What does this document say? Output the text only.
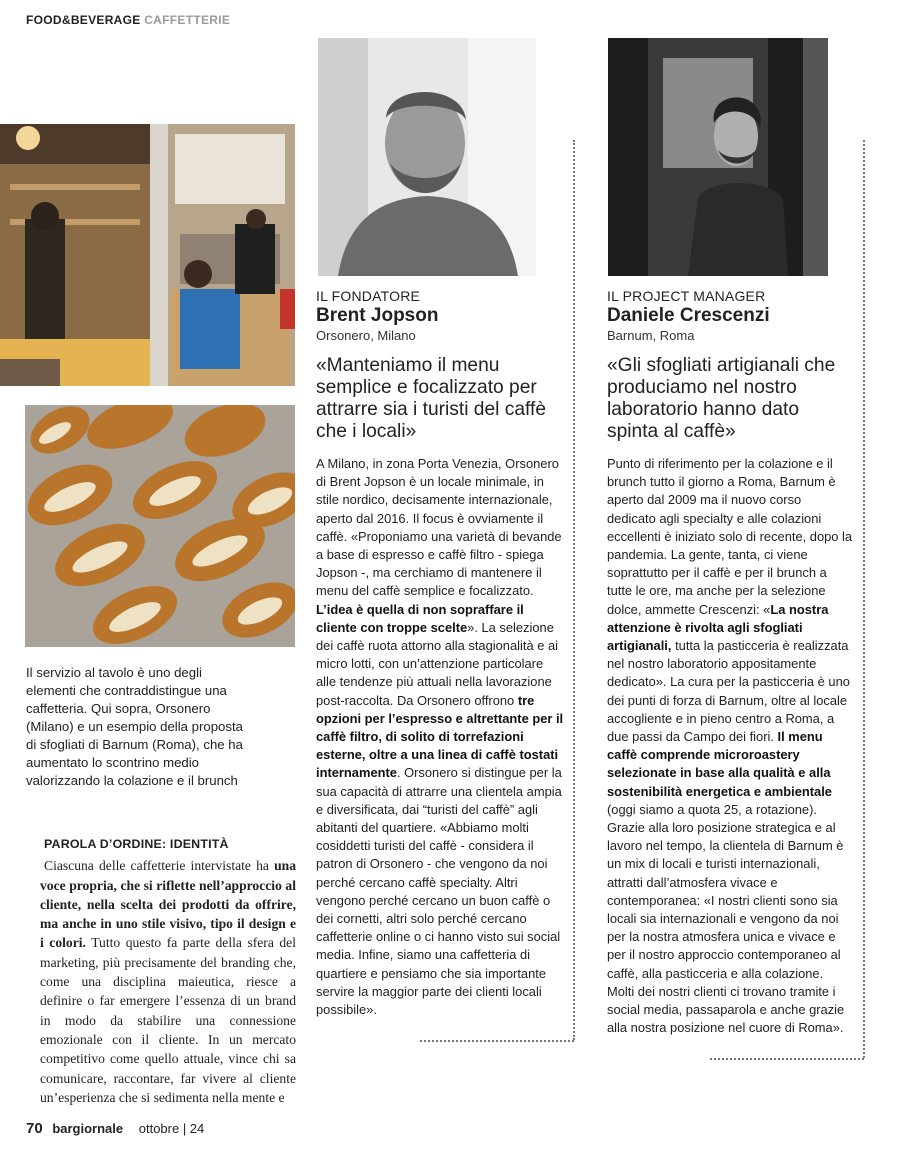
FOOD&BEVERAGE CAFFETTERIE
Il servizio al tavolo è uno degli elementi che contraddistingue una caffetteria. Qui sopra, Orsonero (Milano) e un esempio della proposta di sfogliati di Barnum (Roma), che ha aumentato lo scontrino medio valorizzando la colazione e il brunch
PAROLA D’ORDINE: IDENTITÀ

Ciascuna delle caffetterie intervistate ha una voce propria, che si riflette nell’approccio al cliente, nella scelta dei prodotti da offrire, ma anche in uno stile visivo, tipo il design e i colori. Tutto questo fa parte della sfera del marketing, più precisamente del branding che, come una disciplina maieutica, riesce a definire o far emergere l’essenza di un brand in modo da stabilire una connessione emozionale con il cliente. In un mercato competitivo come quello attuale, vince chi sa comunicare, raccontare, far vivere al cliente un’esperienza che si sedimenta nella mente e

IL FONDATORE
Brent Jopson
Orsonero, Milano
«Manteniamo il menu semplice e focalizzato per attrarre sia i turisti del caffè che i locali»
A Milano, in zona Porta Venezia, Orsonero di Brent Jopson è un locale minimale, in stile nordico, decisamente internazionale, aperto dal 2016. Il focus è ovviamente il caffè. «Proponiamo una varietà di bevande a base di espresso e caffè filtro - spiega Jopson -, ma cerchiamo di mantenere il menu del caffè semplice e focalizzato. L’idea è quella di non sopraffare il cliente con troppe scelte». La selezione dei caffè ruota attorno alla stagionalità e ai micro lotti, con un’attenzione particolare alle tendenze più attuali nella lavorazione post-raccolta. Da Orsonero offrono tre opzioni per l’espresso e altrettante per il caffè filtro, di solito di torrefazioni esterne, oltre a una linea di caffè tostati internamente. Orsonero si distingue per la sua capacità di attrarre una clientela ampia e diversificata, dai “turisti del caffè” agli abitanti del quartiere. «Abbiamo molti cosiddetti turisti del caffè - considera il patron di Orsonero - che vengono da noi perché cercano caffè specialty. Altri vengono perché cercano un buon caffè o dei cornetti, altri solo perché cercano caffetterie online o ci hanno visto sui social media. Infine, siamo una caffetteria di quartiere e pensiamo che sia importante servire la maggior parte dei clienti locali possibile».
IL PROJECT MANAGER
Daniele Crescenzi
Barnum, Roma
«Gli sfogliati artigianali che produciamo nel nostro laboratorio hanno dato spinta al caffè»
Punto di riferimento per la colazione e il brunch tutto il giorno a Roma, Barnum è aperto dal 2009 ma il nuovo corso dedicato agli specialty e alle colazioni eccellenti è iniziato solo di recente, dopo la pandemia. La gente, tanta, ci viene soprattutto per il caffè e per il brunch a tutte le ore, ma anche per la selezione dolce, ammette Crescenzi: «La nostra attenzione è rivolta agli sfogliati artigianali, tutta la pasticceria è realizzata nel nostro laboratorio appositamente dedicato». La cura per la pasticceria è uno dei punti di forza di Barnum, oltre al locale accogliente e in pieno centro a Roma, a due passi da Campo dei fiori. Il menu caffè comprende microroastery selezionate in base alla qualità e alla sostenibilità energetica e ambientale (oggi siamo a quota 25, a rotazione). Grazie alla loro posizione strategica e al lavoro nel tempo, la clientela di Barnum è un mix di locali e turisti internazionali, attratti dall’atmosfera vivace e contemporanea: «I nostri clienti sono sia locali sia internazionali e vengono da noi per la nostra atmosfera unica e vivace e per il nostro approccio contemporaneo al caffè, alla pasticceria e alla colazione. Molti dei nostri clienti ci trovano tramite i social media, passaparola e anche grazie alla nostra posizione nel cuore di Roma».
70 bargiornale ottobre | 24
